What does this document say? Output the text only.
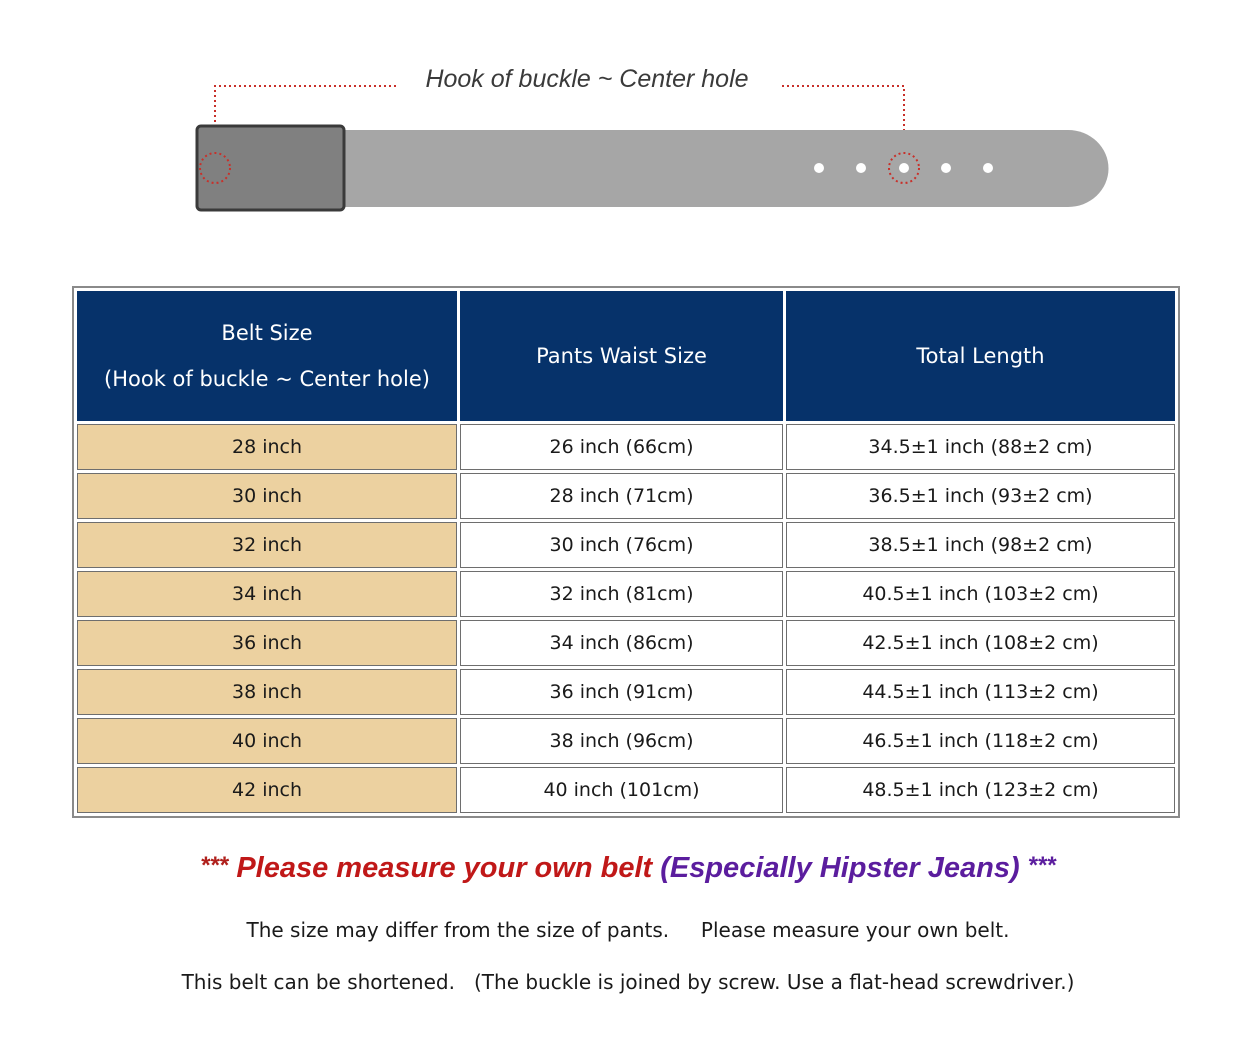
Hook of buckle ~ Center hole
Belt Size
(Hook of buckle ~ Center hole)	Pants Waist Size	Total Length
28 inch	26 inch (66cm)	34.5±1 inch (88±2 cm)
30 inch	28 inch (71cm)	36.5±1 inch (93±2 cm)
32 inch	30 inch (76cm)	38.5±1 inch (98±2 cm)
34 inch	32 inch (81cm)	40.5±1 inch (103±2 cm)
36 inch	34 inch (86cm)	42.5±1 inch (108±2 cm)
38 inch	36 inch (91cm)	44.5±1 inch (113±2 cm)
40 inch	38 inch (96cm)	46.5±1 inch (118±2 cm)
42 inch	40 inch (101cm)	48.5±1 inch (123±2 cm)
*** Please measure your own belt (Especially Hipster Jeans) ***
The size may differ from the size of pants.     Please measure your own belt.
This belt can be shortened.   (The buckle is joined by screw. Use a flat-head screwdriver.)
